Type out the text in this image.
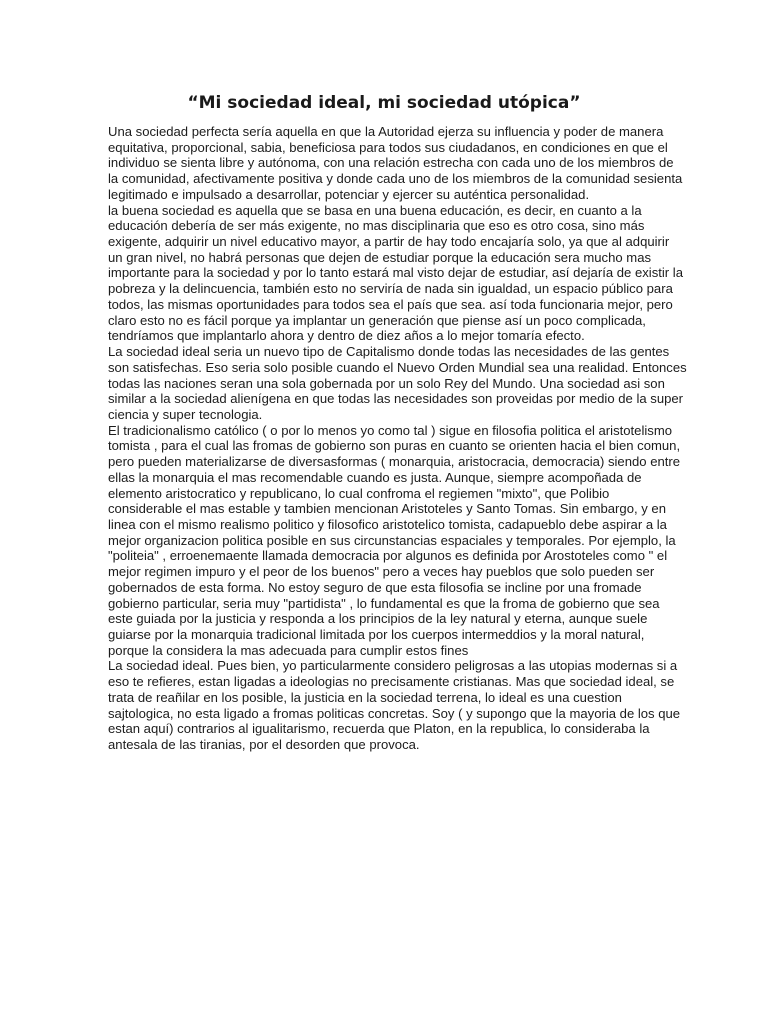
“Mi sociedad ideal, mi sociedad utópica”
Una sociedad perfecta sería aquella en que la Autoridad ejerza su influencia y poder de manera
equitativa, proporcional, sabia, beneficiosa para todos sus ciudadanos, en condiciones en que el
individuo se sienta libre y autónoma, con una relación estrecha con cada uno de los miembros de
la comunidad, afectivamente positiva y donde cada uno de los miembros de la comunidad sesienta
legitimado e impulsado a desarrollar, potenciar y ejercer su auténtica personalidad.
la buena sociedad es aquella que se basa en una buena educación, es decir, en cuanto a la
educación debería de ser más exigente, no mas disciplinaria que eso es otro cosa, sino más
exigente, adquirir un nivel educativo mayor, a partir de hay todo encajaría solo, ya que al adquirir
un gran nivel, no habrá personas que dejen de estudiar porque la educación sera mucho mas
importante para la sociedad y por lo tanto estará mal visto dejar de estudiar, así dejaría de existir la
pobreza y la delincuencia, también esto no serviría de nada sin igualdad, un espacio público para
todos, las mismas oportunidades para todos sea el país que sea. así toda funcionaria mejor, pero
claro esto no es fácil porque ya implantar un generación que piense así un poco complicada,
tendríamos que implantarlo ahora y dentro de diez años a lo mejor tomaría efecto.
La sociedad ideal seria un nuevo tipo de Capitalismo donde todas las necesidades de las gentes
son satisfechas. Eso seria solo posible cuando el Nuevo Orden Mundial sea una realidad. Entonces
todas las naciones seran una sola gobernada por un solo Rey del Mundo. Una sociedad asi son
similar a la sociedad alienígena en que todas las necesidades son proveidas por medio de la super
ciencia y super tecnologia.
El tradicionalismo católico ( o por lo menos yo como tal ) sigue en filosofia politica el aristotelismo
tomista , para el cual las fromas de gobierno son puras en cuanto se orienten hacia el bien comun,
pero pueden materializarse de diversasformas ( monarquia, aristocracia, democracia) siendo entre
ellas la monarquia el mas recomendable cuando es justa. Aunque, siempre acompoñada de
elemento aristocratico y republicano, lo cual confroma el regiemen "mixto", que Polibio
considerable el mas estable y tambien mencionan Aristoteles y Santo Tomas. Sin embargo, y en
linea con el mismo realismo politico y filosofico aristotelico tomista, cadapueblo debe aspirar a la
mejor organizacion politica posible en sus circunstancias espaciales y temporales. Por ejemplo, la
"politeia" , erroenemaente llamada democracia por algunos es definida por Arostoteles como " el
mejor regimen impuro y el peor de los buenos" pero a veces hay pueblos que solo pueden ser
gobernados de esta forma. No estoy seguro de que esta filosofia se incline por una fromade
gobierno particular, seria muy "partidista" , lo fundamental es que la froma de gobierno que sea
este guiada por la justicia y responda a los principios de la ley natural y eterna, aunque suele
guiarse por la monarquia tradicional limitada por los cuerpos intermeddios y la moral natural,
porque la considera la mas adecuada para cumplir estos fines
La sociedad ideal. Pues bien, yo particularmente considero peligrosas a las utopias modernas si a
eso te refieres, estan ligadas a ideologias no precisamente cristianas. Mas que sociedad ideal, se
trata de reañilar en los posible, la justicia en la sociedad terrena, lo ideal es una cuestion
sajtologica, no esta ligado a fromas politicas concretas. Soy ( y supongo que la mayoria de los que
estan aquí) contrarios al igualitarismo, recuerda que Platon, en la republica, lo consideraba la
antesala de las tiranias, por el desorden que provoca.
